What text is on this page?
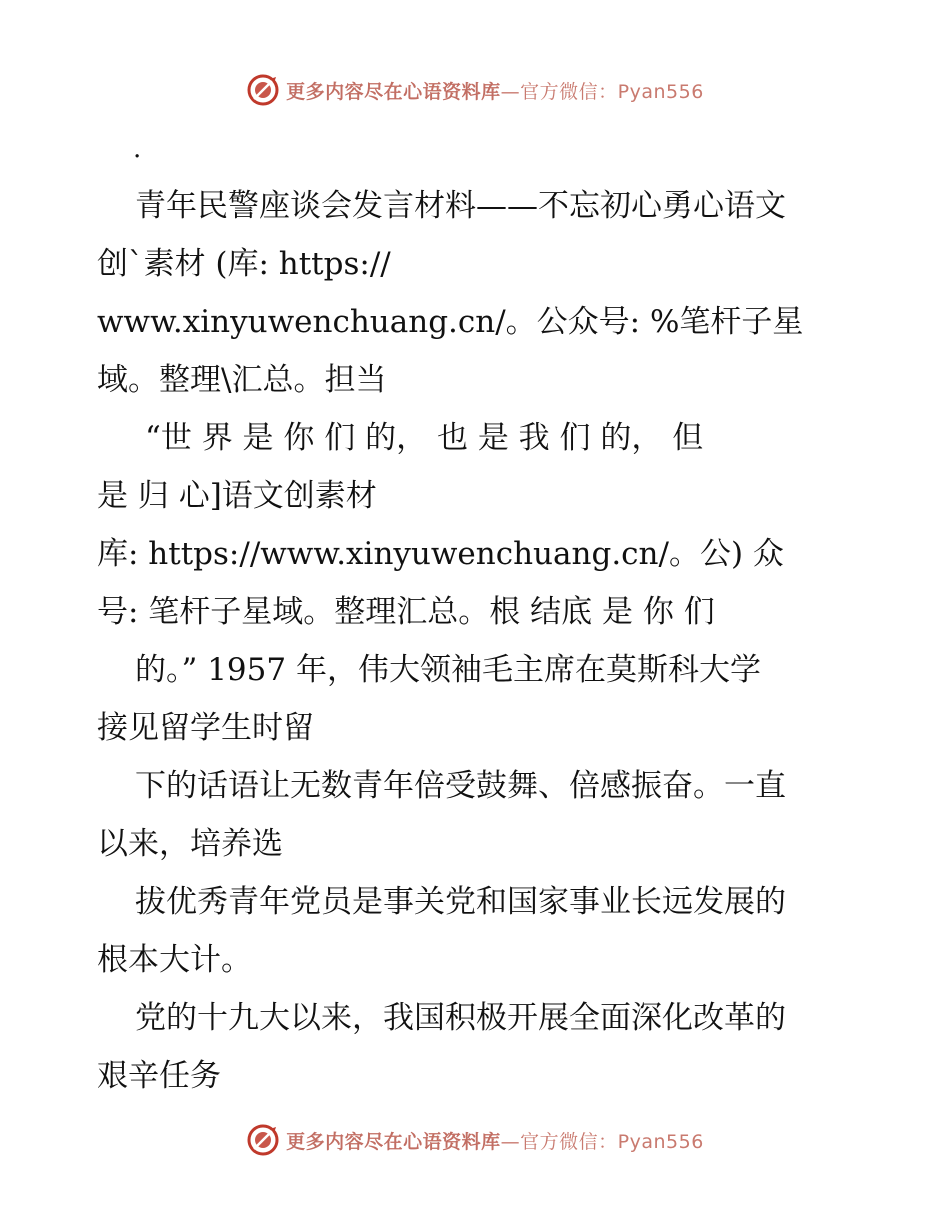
更多内容尽在心语资料库—官方微信：Pyan556
.
青年民警座谈会发言材料——不忘初心勇心语文
创`素材 (库: https://
www.xinyuwenchuang.cn/。公众号: %笔杆子星
域。整理\汇总。担当
“世 界 是 你 们 的， 也 是 我 们 的， 但
是 归 心]语文创素材
库: https://www.xinyuwenchuang.cn/。公) 众
号: 笔杆子星域。整理汇总。根 结底 是 你 们
的。” 1957 年，伟大领袖毛主席在莫斯科大学
接见留学生时留
下的话语让无数青年倍受鼓舞、倍感振奋。一直
以来，培养选
拔优秀青年党员是事关党和国家事业长远发展的
根本大计。
党的十九大以来，我国积极开展全面深化改革的
艰辛任务
更多内容尽在心语资料库—官方微信：Pyan556
